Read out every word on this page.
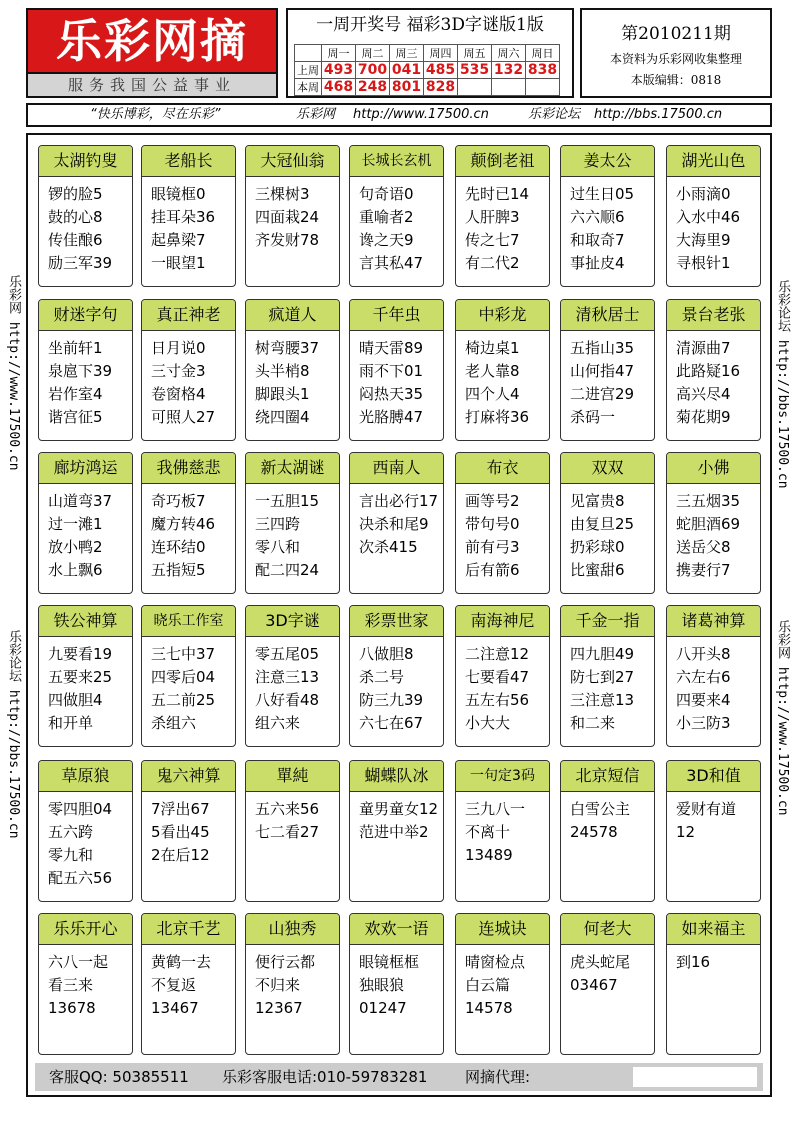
乐彩网摘
服务我国公益事业
一周开奖号 福彩3D字谜版1版
	周一	周二	周三	周四	周五	周六	周日
上周	493	700	041	485	535	132	838
本周	468	248	801	828			
第2010211期
本资料为乐彩网收集整理
本版编辑：0818
“快乐博彩，尽在乐彩”	乐彩网 http://www.17500.cn	乐彩论坛 http://bbs.17500.cn
乐彩网 http://www.17500.cn
乐彩论坛 http://bbs.17500.cn
乐彩论坛 http://bbs.17500.cn
乐彩网 http://www.17500.cn
太湖钓叟
锣的脸5
鼓的心8
传佳酿6
励三军39
老船长
眼镜框0
挂耳朵36
起鼻梁7
一眼望1
大冠仙翁
三棵树3
四面栽24
齐发财78
长城长玄机
句奇语0
重喻者2
谗之天9
言其私47
颠倒老祖
先时已14
人肝脾3
传之七7
有二代2
姜太公
过生日05
六六顺6
和取奇7
事扯皮4
湖光山色
小雨滴0
入水中46
大海里9
寻根针1
财迷字句
坐前轩1
泉扈下39
岩作室4
谐宫征5
真正神老
日月说0
三寸金3
卷窗格4
可照人27
疯道人
树弯腰37
头半梢8
脚跟头1
绕四圈4
千年虫
晴天雷89
雨不下01
闷热天35
光胳膊47
中彩龙
椅边桌1
老人靠8
四个人4
打麻将36
清秋居士
五指山35
山何指47
二进宫29
杀码一
景台老张
清源曲7
此路疑16
高兴尽4
菊花期9
廊坊鸿运
山道弯37
过一滩1
放小鸭2
水上飘6
我佛慈悲
奇巧板7
魔方转46
连环结0
五指短5
新太湖谜
一五胆15
三四跨
零八和
配二四24
西南人
言出必行17
决杀和尾9
次杀415
布衣
画等号2
带句号0
前有弓3
后有箭6
双双
见富贵8
由复旦25
扔彩球0
比蜜甜6
小佛
三五烟35
蛇胆酒69
送岳父8
携妻行7
铁公神算
九要看19
五要来25
四做胆4
和开单
晓乐工作室
三七中37
四零后04
五二前25
杀组六
3D字谜
零五尾05
注意三13
八好看48
组六来
彩票世家
八做胆8
杀二号
防三九39
六七在67
南海神尼
二注意12
七要看47
五左右56
小大大
千金一指
四九胆49
防七到27
三注意13
和二来
诸葛神算
八开头8
六左右6
四要来4
小三防3
草原狼
零四胆04
五六跨
零九和
配五六56
鬼六神算
7浮出67
5看出45
2在后12
單純
五六来56
七二看27
蝴蝶队冰
童男童女12
范进中举2
一句定3码
三九八一
不离十
13489
北京短信
白雪公主
24578
3D和值
爱财有道
12
乐乐开心
六八一起
看三来
13678
北京千艺
黄鹤一去
不复返
13467
山独秀
便行云都
不归来
12367
欢欢一语
眼镜框框
独眼狼
01247
连城诀
晴窗检点
白云篇
14578
何老大
虎头蛇尾
03467
如来福主
到16
客服QQ: 50385511 乐彩客服电话:010-59783281	网摘代理:
